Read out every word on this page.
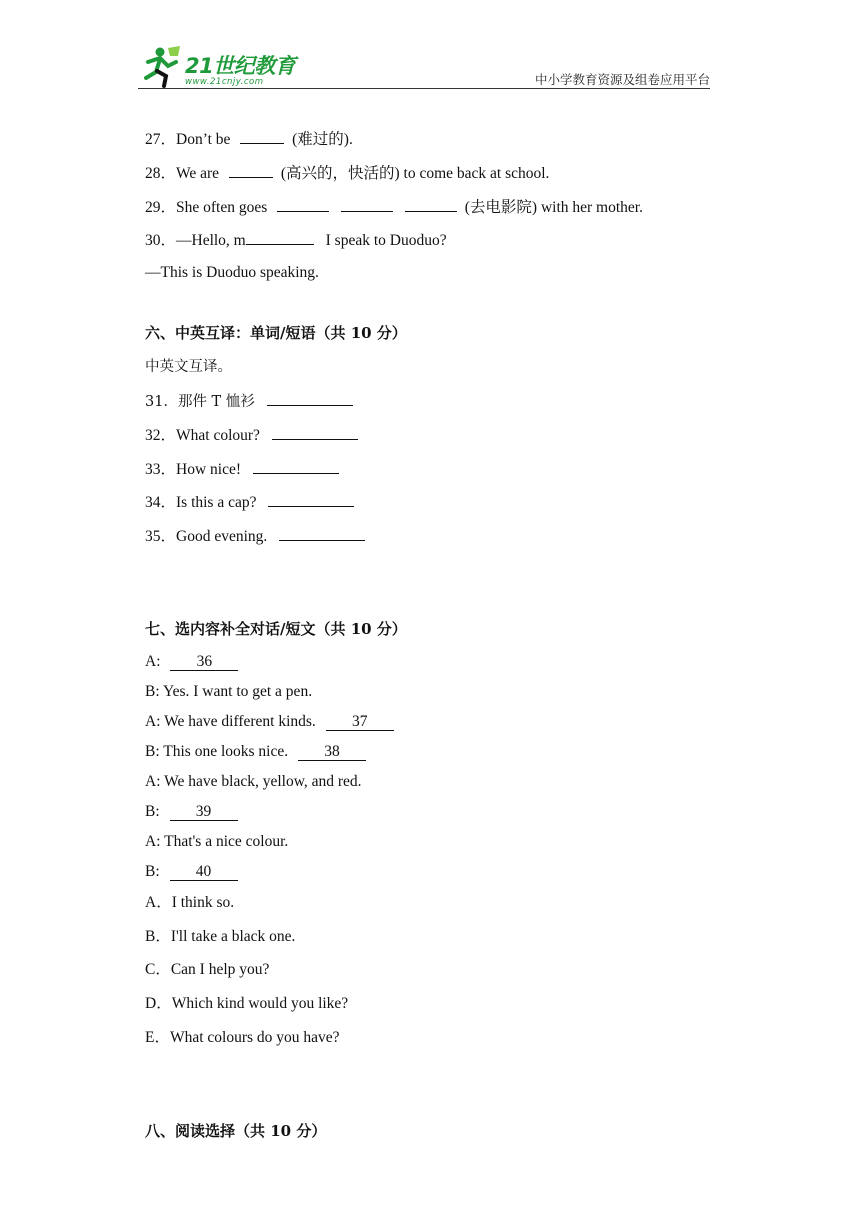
21世纪教育
www.21cnjy.com	中小学教育资源及组卷应用平台
27．Don’t be	(难过的).
28．We are	(高兴的，快活的) to come back at school.
29．She often goes	(去电影院) with her mother.
30．—Hello, m	I speak to Duoduo?
—This is Duoduo speaking.
六、中英互译：单词/短语（共 10 分）
中英文互译。
31．那件 T 恤衫
32．What colour?
33．How nice!
34．Is this a cap?
35．Good evening.
七、选内容补全对话/短文（共 10 分）
A: 36
B: Yes. I want to get a pen.
A: We have different kinds. 37
B: This one looks nice. 38
A: We have black, yellow, and red.
B: 39
A: That's a nice colour.
B: 40
A．I think so.
B．I'll take a black one.
C．Can I help you?
D．Which kind would you like?
E．What colours do you have?
八、阅读选择（共 10 分）
